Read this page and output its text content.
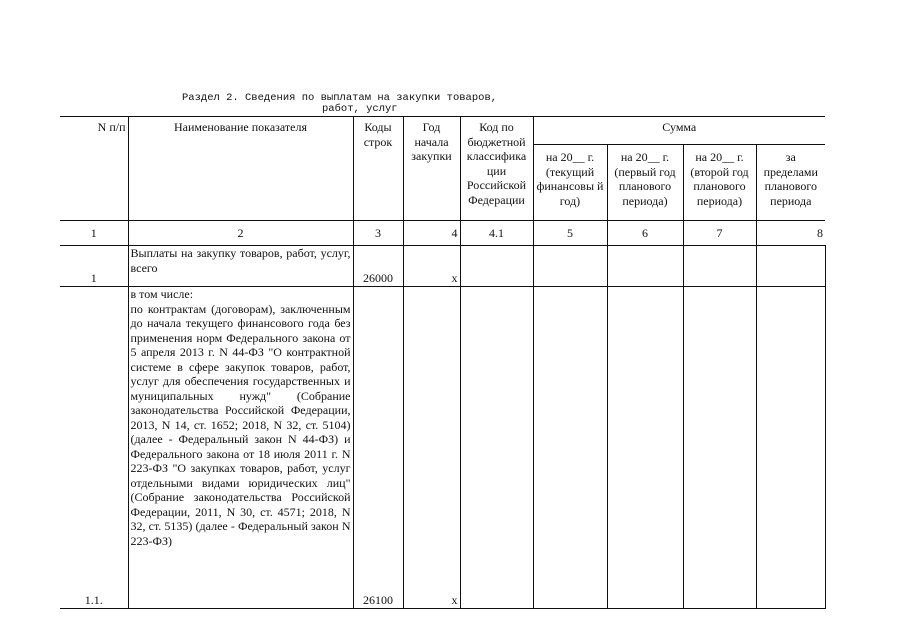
Раздел 2. Сведения по выплатам на закупки товаров,
работ, услуг
N п/п	Наименование показателя	Коды строк	Год начала закупки	Код по бюджетной классифика ции Российской Федерации	Сумма			
					на 20__ г. (текущий финансовы й год)	на 20__ г. (первый год планового периода)	на 20__ г. (второй год планового периода)	за пределами планового периода
1	2	3	4	4.1	5	6	7	8
1	Выплаты на закупку товаров, работ, услуг, всего	26000	x					
1.1.	в том числе:
по контрактам (договорам), заключенным до начала текущего финансового года без применения норм Федерального закона от 5 апреля 2013 г. N 44-ФЗ "О контрактной системе в сфере закупок товаров, работ, услуг для обеспечения государственных и муниципальных нужд" (Собрание законодательства Российской Федерации, 2013, N 14, ст. 1652; 2018, N 32, ст. 5104) (далее - Федеральный закон N 44-ФЗ) и Федерального закона от 18 июля 2011 г. N 223-ФЗ "О закупках товаров, работ, услуг отдельными видами юридических лиц" (Собрание законодательства Российской Федерации, 2011, N 30, ст. 4571; 2018, N 32, ст. 5135) (далее - Федеральный закон N 223-ФЗ)	26100	x					
